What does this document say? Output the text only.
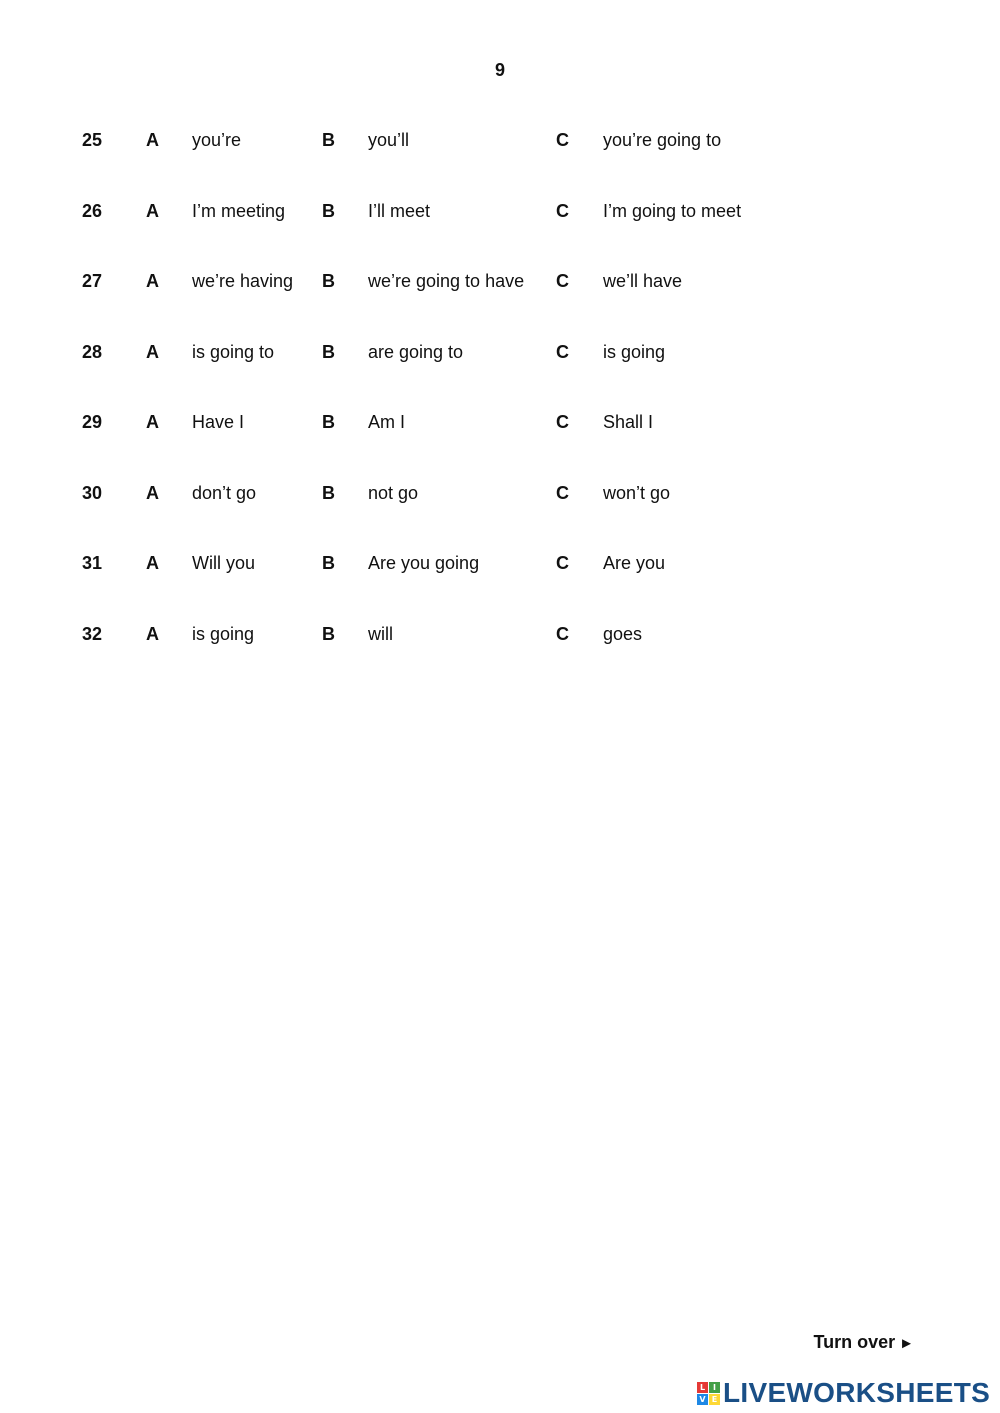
9
25 A you’re	B you’ll	C you’re going to
26 A I’m meeting B I’ll meet	C I’m going to meet
27 A we’re having B we’re going to have C we’ll have
28 A is going to	B are going to	C is going
29 A Have I	B Am I	C Shall I
30 A don’t go	B not go	C won’t go
31 A Will you	B Are you going	C Are you
32 A is going	B will	C goes
Turn over ►
L I
V E LIVEWORKSHEETS
